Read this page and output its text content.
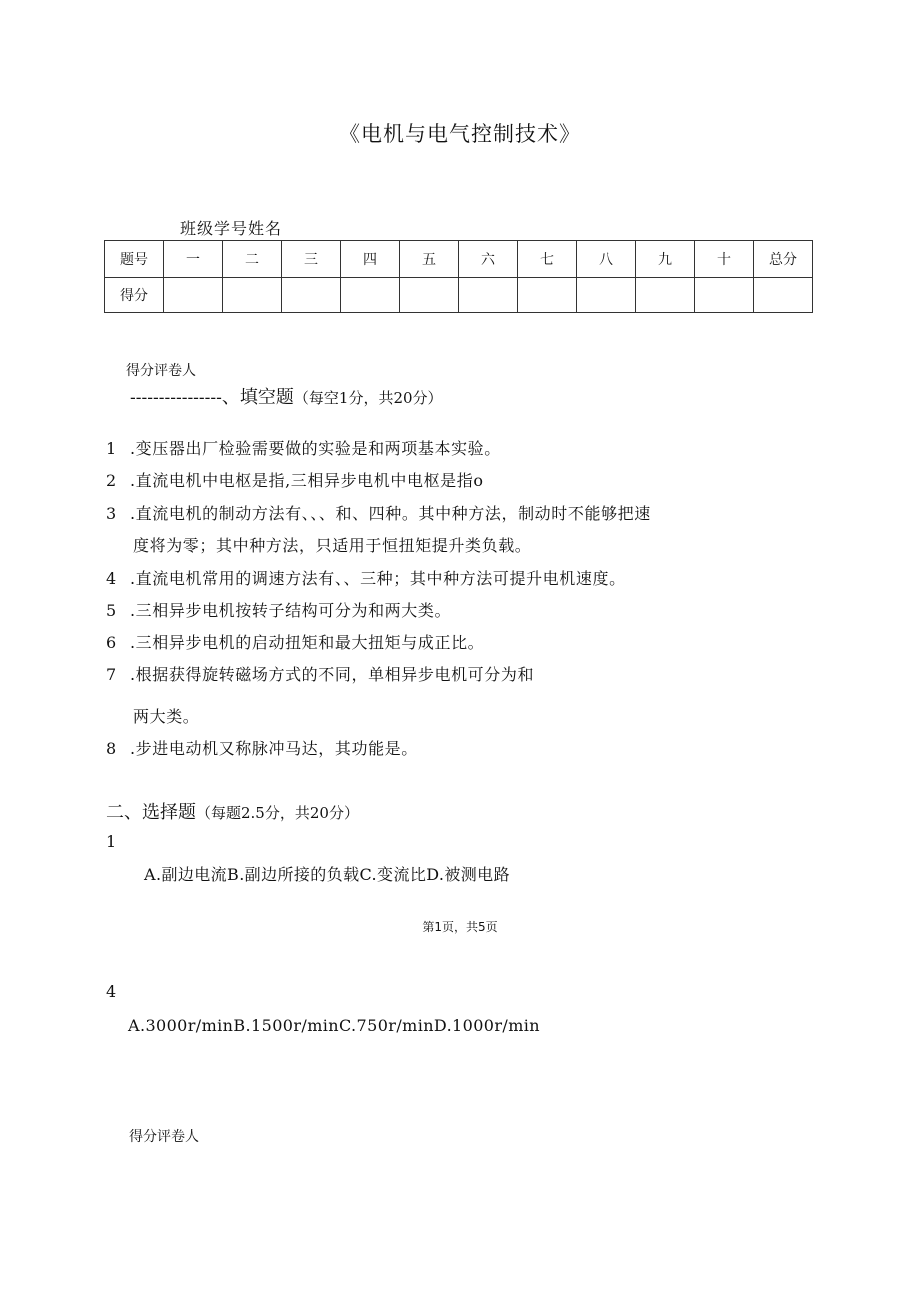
《电机与电气控制技术》
班级学号姓名
题号	一	二	三	四	五	六	七	八	九	十	总分
得分											
得分评卷人
----------------、填空题（每空1分，共20分）
1 .变压器出厂检验需要做的实验是和两项基本实验。
2 .直流电机中电枢是指,三相异步电机中电枢是指o
3 .直流电机的制动方法有、、、和、四种。其中种方法，制动时不能够把速
度将为零；其中种方法，只适用于恒扭矩提升类负载。
4 .直流电机常用的调速方法有、、三种；其中种方法可提升电机速度。
5 .三相异步电机按转子结构可分为和两大类。
6 .三相异步电机的启动扭矩和最大扭矩与成正比。
7 .根据获得旋转磁场方式的不同，单相异步电机可分为和
两大类。
8 .步进电动机又称脉冲马达，其功能是。
二、选择题（每题2.5分，共20分）
1
A.副边电流B.副边所接的负载C.变流比D.被测电路
第1页，共5页
4
A.3000r/minB.1500r/minC.750r/minD.1000r/min
得分评卷人
